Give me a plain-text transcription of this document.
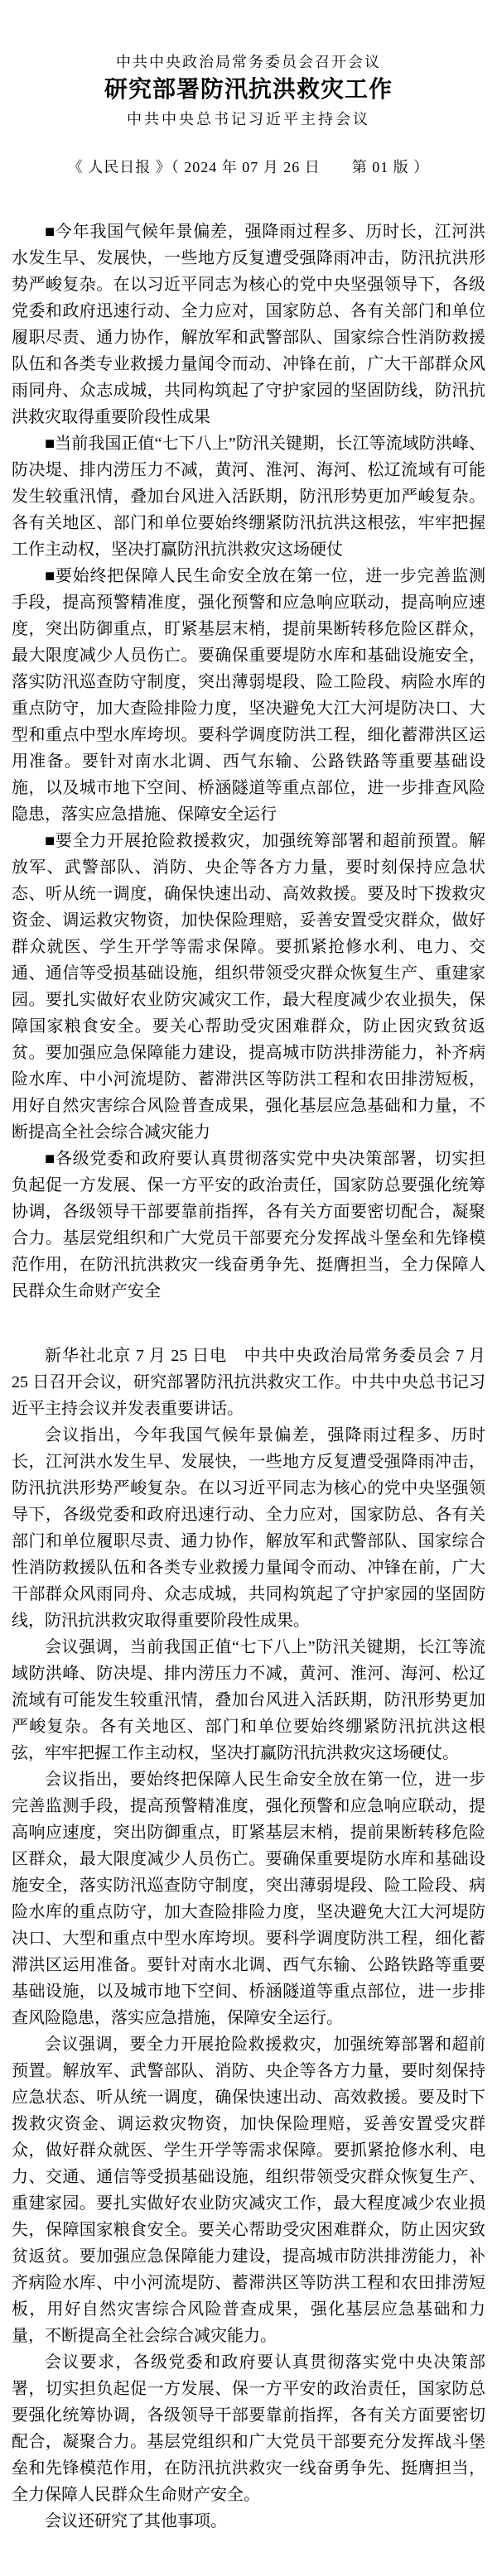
中共中央政治局常务委员会召开会议
研究部署防汛抗洪救灾工作
中共中央总书记习近平主持会议
《 人民日报 》（ 2024 年 07 月 26 日　　第 01 版 ）

■今年我国气候年景偏差，强降雨过程多、历时长，江河洪水发生早、发展快，一些地方反复遭受强降雨冲击，防汛抗洪形势严峻复杂。在以习近平同志为核心的党中央坚强领导下，各级党委和政府迅速行动、全力应对，国家防总、各有关部门和单位履职尽责、通力协作，解放军和武警部队、国家综合性消防救援队伍和各类专业救援力量闻令而动、冲锋在前，广大干部群众风雨同舟、众志成城，共同构筑起了守护家园的坚固防线，防汛抗洪救灾取得重要阶段性成果

■当前我国正值“七下八上”防汛关键期，长江等流域防洪峰、防决堤、排内涝压力不减，黄河、淮河、海河、松辽流域有可能发生较重汛情，叠加台风进入活跃期，防汛形势更加严峻复杂。各有关地区、部门和单位要始终绷紧防汛抗洪这根弦，牢牢把握工作主动权，坚决打赢防汛抗洪救灾这场硬仗

■要始终把保障人民生命安全放在第一位，进一步完善监测手段，提高预警精准度，强化预警和应急响应联动，提高响应速度，突出防御重点，盯紧基层末梢，提前果断转移危险区群众，最大限度减少人员伤亡。要确保重要堤防水库和基础设施安全，落实防汛巡查防守制度，突出薄弱堤段、险工险段、病险水库的重点防守，加大查险排险力度，坚决避免大江大河堤防决口、大型和重点中型水库垮坝。要科学调度防洪工程，细化蓄滞洪区运用准备。要针对南水北调、西气东输、公路铁路等重要基础设施，以及城市地下空间、桥涵隧道等重点部位，进一步排查风险隐患，落实应急措施、保障安全运行

■要全力开展抢险救援救灾，加强统筹部署和超前预置。解放军、武警部队、消防、央企等各方力量，要时刻保持应急状态、听从统一调度，确保快速出动、高效救援。要及时下拨救灾资金、调运救灾物资，加快保险理赔，妥善安置受灾群众，做好群众就医、学生开学等需求保障。要抓紧抢修水利、电力、交通、通信等受损基础设施，组织带领受灾群众恢复生产、重建家园。要扎实做好农业防灾减灾工作，最大程度减少农业损失，保障国家粮食安全。要关心帮助受灾困难群众，防止因灾致贫返贫。要加强应急保障能力建设，提高城市防洪排涝能力，补齐病险水库、中小河流堤防、蓄滞洪区等防洪工程和农田排涝短板，用好自然灾害综合风险普查成果，强化基层应急基础和力量，不断提高全社会综合减灾能力

■各级党委和政府要认真贯彻落实党中央决策部署，切实担负起促一方发展、保一方平安的政治责任，国家防总要强化统筹协调，各级领导干部要靠前指挥，各有关方面要密切配合，凝聚合力。基层党组织和广大党员干部要充分发挥战斗堡垒和先锋模范作用，在防汛抗洪救灾一线奋勇争先、挺膺担当，全力保障人民群众生命财产安全

新华社北京 7 月 25 日电　中共中央政治局常务委员会 7 月 25 日召开会议，研究部署防汛抗洪救灾工作。中共中央总书记习近平主持会议并发表重要讲话。

会议指出，今年我国气候年景偏差，强降雨过程多、历时长，江河洪水发生早、发展快，一些地方反复遭受强降雨冲击，防汛抗洪形势严峻复杂。在以习近平同志为核心的党中央坚强领导下，各级党委和政府迅速行动、全力应对，国家防总、各有关部门和单位履职尽责、通力协作，解放军和武警部队、国家综合性消防救援队伍和各类专业救援力量闻令而动、冲锋在前，广大干部群众风雨同舟、众志成城，共同构筑起了守护家园的坚固防线，防汛抗洪救灾取得重要阶段性成果。

会议强调，当前我国正值“七下八上”防汛关键期，长江等流域防洪峰、防决堤、排内涝压力不减，黄河、淮河、海河、松辽流域有可能发生较重汛情，叠加台风进入活跃期，防汛形势更加严峻复杂。各有关地区、部门和单位要始终绷紧防汛抗洪这根弦，牢牢把握工作主动权，坚决打赢防汛抗洪救灾这场硬仗。

会议指出，要始终把保障人民生命安全放在第一位，进一步完善监测手段，提高预警精准度，强化预警和应急响应联动，提高响应速度，突出防御重点，盯紧基层末梢，提前果断转移危险区群众，最大限度减少人员伤亡。要确保重要堤防水库和基础设施安全，落实防汛巡查防守制度，突出薄弱堤段、险工险段、病险水库的重点防守，加大查险排险力度，坚决避免大江大河堤防决口、大型和重点中型水库垮坝。要科学调度防洪工程，细化蓄滞洪区运用准备。要针对南水北调、西气东输、公路铁路等重要基础设施，以及城市地下空间、桥涵隧道等重点部位，进一步排查风险隐患，落实应急措施，保障安全运行。

会议强调，要全力开展抢险救援救灾，加强统筹部署和超前预置。解放军、武警部队、消防、央企等各方力量，要时刻保持应急状态、听从统一调度，确保快速出动、高效救援。要及时下拨救灾资金、调运救灾物资，加快保险理赔，妥善安置受灾群众，做好群众就医、学生开学等需求保障。要抓紧抢修水利、电力、交通、通信等受损基础设施，组织带领受灾群众恢复生产、重建家园。要扎实做好农业防灾减灾工作，最大程度减少农业损失，保障国家粮食安全。要关心帮助受灾困难群众，防止因灾致贫返贫。要加强应急保障能力建设，提高城市防洪排涝能力，补齐病险水库、中小河流堤防、蓄滞洪区等防洪工程和农田排涝短板，用好自然灾害综合风险普查成果，强化基层应急基础和力量，不断提高全社会综合减灾能力。

会议要求，各级党委和政府要认真贯彻落实党中央决策部署，切实担负起促一方发展、保一方平安的政治责任，国家防总要强化统筹协调，各级领导干部要靠前指挥，各有关方面要密切配合，凝聚合力。基层党组织和广大党员干部要充分发挥战斗堡垒和先锋模范作用，在防汛抗洪救灾一线奋勇争先、挺膺担当，全力保障人民群众生命财产安全。

会议还研究了其他事项。
